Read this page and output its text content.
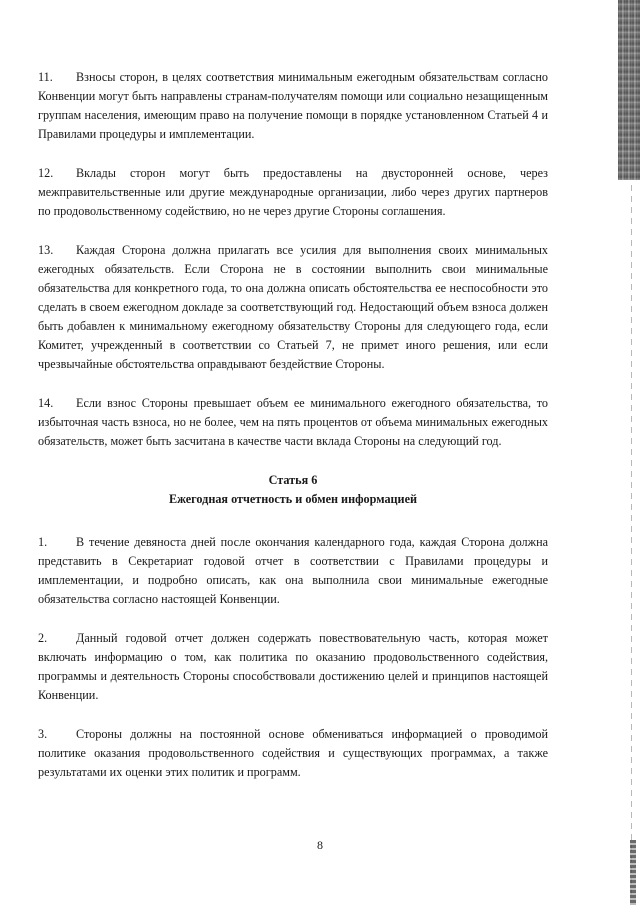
11. Взносы сторон, в целях соответствия минимальным ежегодным обязательствам согласно Конвенции могут быть направлены странам-получателям помощи или социально незащищенным группам населения, имеющим право на получение помощи в порядке установленном Статьей 4 и Правилами процедуры и имплементации.

12. Вклады сторон могут быть предоставлены на двусторонней основе, через межправительственные или другие международные организации, либо через других партнеров по продовольственному содействию, но не через другие Стороны соглашения.

13. Каждая Сторона должна прилагать все усилия для выполнения своих минимальных ежегодных обязательств. Если Сторона не в состоянии выполнить свои минимальные обязательства для конкретного года, то она должна описать обстоятельства ее неспособности это сделать в своем ежегодном докладе за соответствующий год. Недостающий объем взноса должен быть добавлен к минимальному ежегодному обязательству Стороны для следующего года, если Комитет, учрежденный в соответствии со Статьей 7, не примет иного решения, или если чрезвычайные обстоятельства оправдывают бездействие Стороны.

14. Если взнос Стороны превышает объем ее минимального ежегодного обязательства, то избыточная часть взноса, но не более, чем на пять процентов от объема минимальных ежегодных обязательств, может быть засчитана в качестве части вклада Стороны на следующий год.

Статья 6

Ежегодная отчетность и обмен информацией

1. В течение девяноста дней после окончания календарного года, каждая Сторона должна представить в Секретариат годовой отчет в соответствии с Правилами процедуры и имплементации, и подробно описать, как она выполнила свои минимальные ежегодные обязательства согласно настоящей Конвенции.

2. Данный годовой отчет должен содержать повествовательную часть, которая может включать информацию о том, как политика по оказанию продовольственного содействия, программы и деятельность Стороны способствовали достижению целей и принципов настоящей Конвенции.

3. Стороны должны на постоянной основе обмениваться информацией о проводимой политике оказания продовольственного содействия и существующих программах, а также результатами их оценки этих политик и программ.

8
